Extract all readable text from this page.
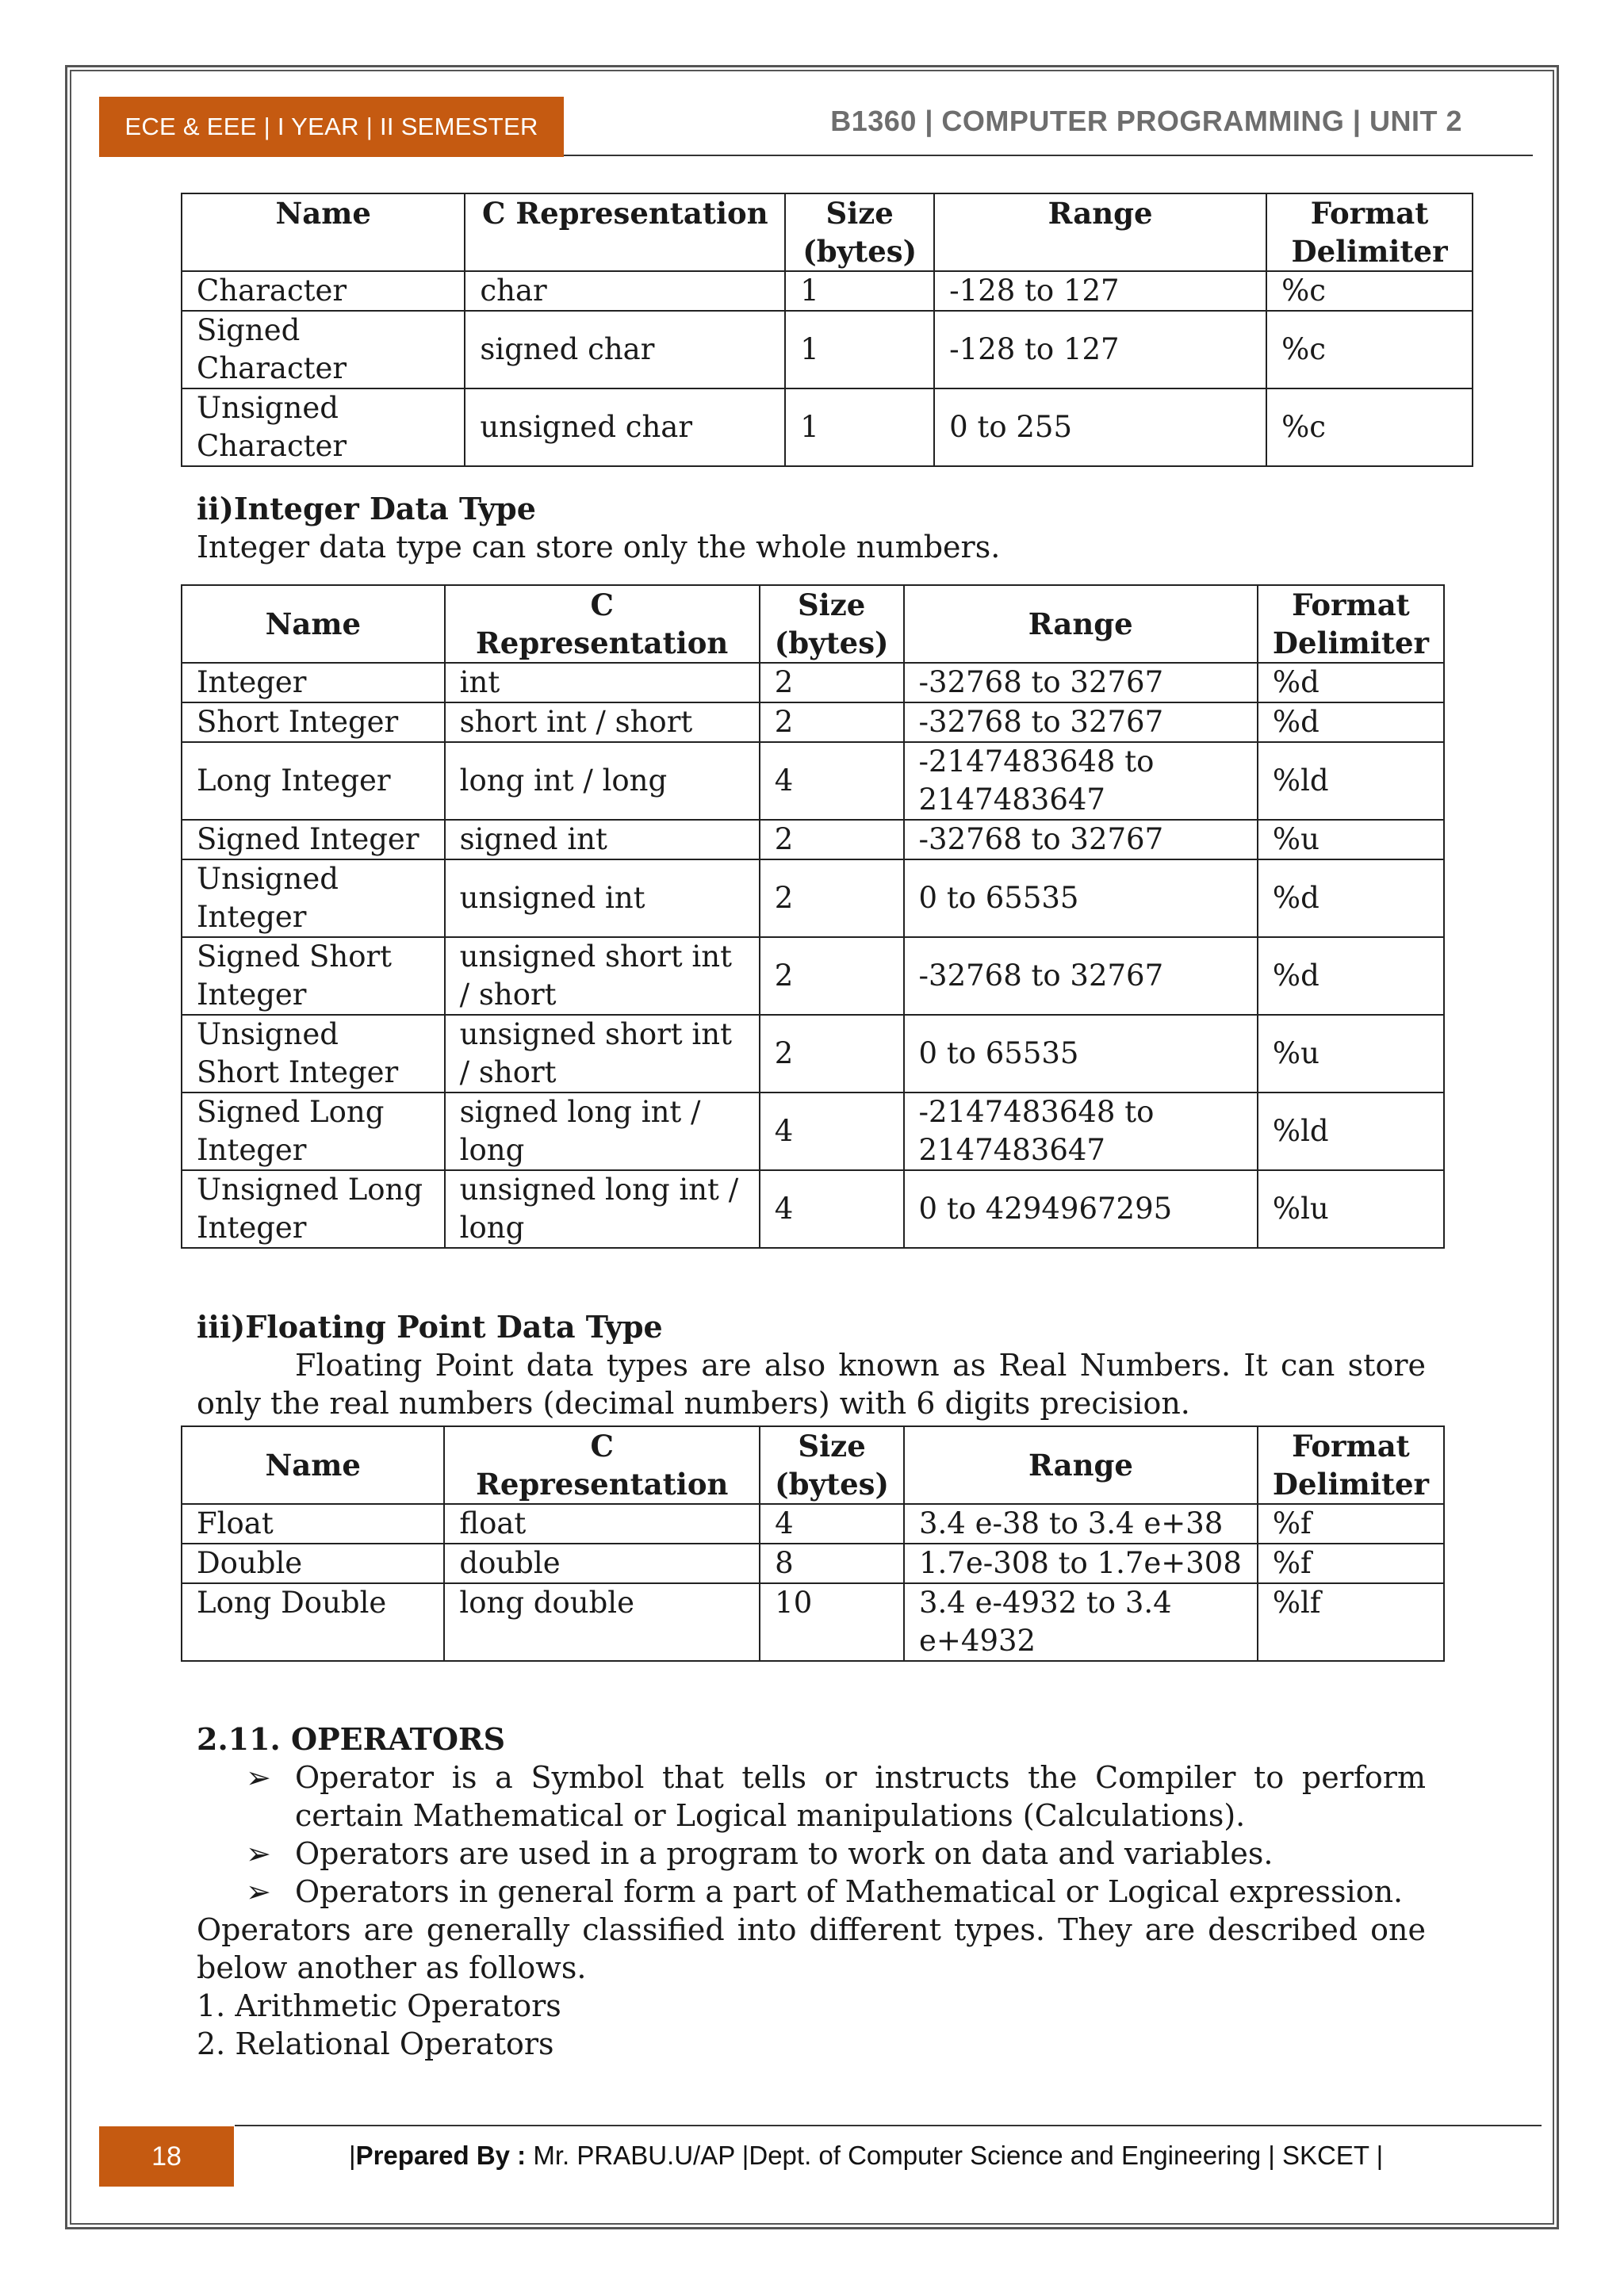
ECE & EEE | I YEAR | II SEMESTER	B1360 | COMPUTER PROGRAMMING | UNIT 2
Name	C Representation	Size (bytes)	Range	Format Delimiter
Character	char	1	-128 to 127	%c
Signed Character	signed char	1	-128 to 127	%c
Unsigned Character	unsigned char	1	0 to 255	%c
ii)Integer Data Type
Integer data type can store only the whole numbers.
Name	C Representation	Size (bytes)	Range	Format Delimiter
Integer	int	2	-32768 to 32767	%d
Short Integer	short int / short	2	-32768 to 32767	%d
Long Integer	long int / long	4	-2147483648 to 2147483647	%ld
Signed Integer	signed int	2	-32768 to 32767	%u
Unsigned Integer	unsigned int	2	0 to 65535	%d
Signed Short Integer	unsigned short int / short	2	-32768 to 32767	%d
Unsigned Short Integer	unsigned short int / short	2	0 to 65535	%u
Signed Long Integer	signed long int / long	4	-2147483648 to 2147483647	%ld
Unsigned Long Integer	unsigned long int / long	4	0 to 4294967295	%lu
iii)Floating Point Data Type
Floating Point data types are also known as Real Numbers. It can store only the real numbers (decimal numbers) with 6 digits precision.
Name	C Representation	Size (bytes)	Range	Format Delimiter
Float	float	4	3.4 e-38 to 3.4 e+38	%f
Double	double	8	1.7e-308 to 1.7e+308	%f
Long Double	long double	10	3.4 e-4932 to 3.4 e+4932	%lf
2.11. OPERATORS
➢ Operator is a Symbol that tells or instructs the Compiler to perform certain Mathematical or Logical manipulations (Calculations).
➢ Operators are used in a program to work on data and variables.
➢ Operators in general form a part of Mathematical or Logical expression.
Operators are generally classified into different types. They are described one below another as follows.
1. Arithmetic Operators
2. Relational Operators
18	|Prepared By : Mr. PRABU.U/AP |Dept. of Computer Science and Engineering | SKCET |
